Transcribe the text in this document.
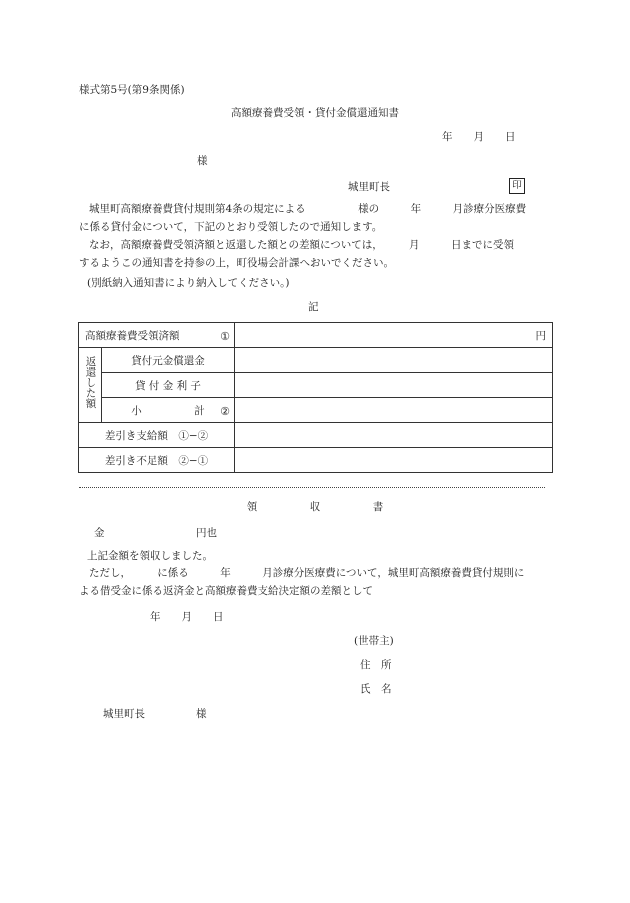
様式第5号(第9条関係)
高額療養費受領・貸付金償還通知書
年　　月　　日
様
城里町長	印
城里町高額療養費貸付規則第4条の規定による　　　　　様の　　　年　　　月診療分医療費
に係る貸付金について，下記のとおり受領したので通知します。
なお，高額療養費受領済額と返還した額との差額については，　　　月　　　日までに受領
するようこの通知書を持参の上，町役場会計課へおいでください。
(別紙納入通知書により納入してください。)
記
高額療養費受領済額 ①		円
返還した額	貸付元金償還金	
	貸 付 金 利 子	
	小　　　　　計 ②	

差引き支給額　①−②		
差引き不足額　②−①		
領　　　　　収　　　　　書
金	円也
上記金額を領収しました。
ただし，　　　に係る　　　年　　　月診療分医療費について，城里町高額療養費貸付規則に
よる借受金に係る返済金と高額療養費支給決定額の差額として
年　　月　　日
(世帯主)
住　所
氏　名
城里町長	様
